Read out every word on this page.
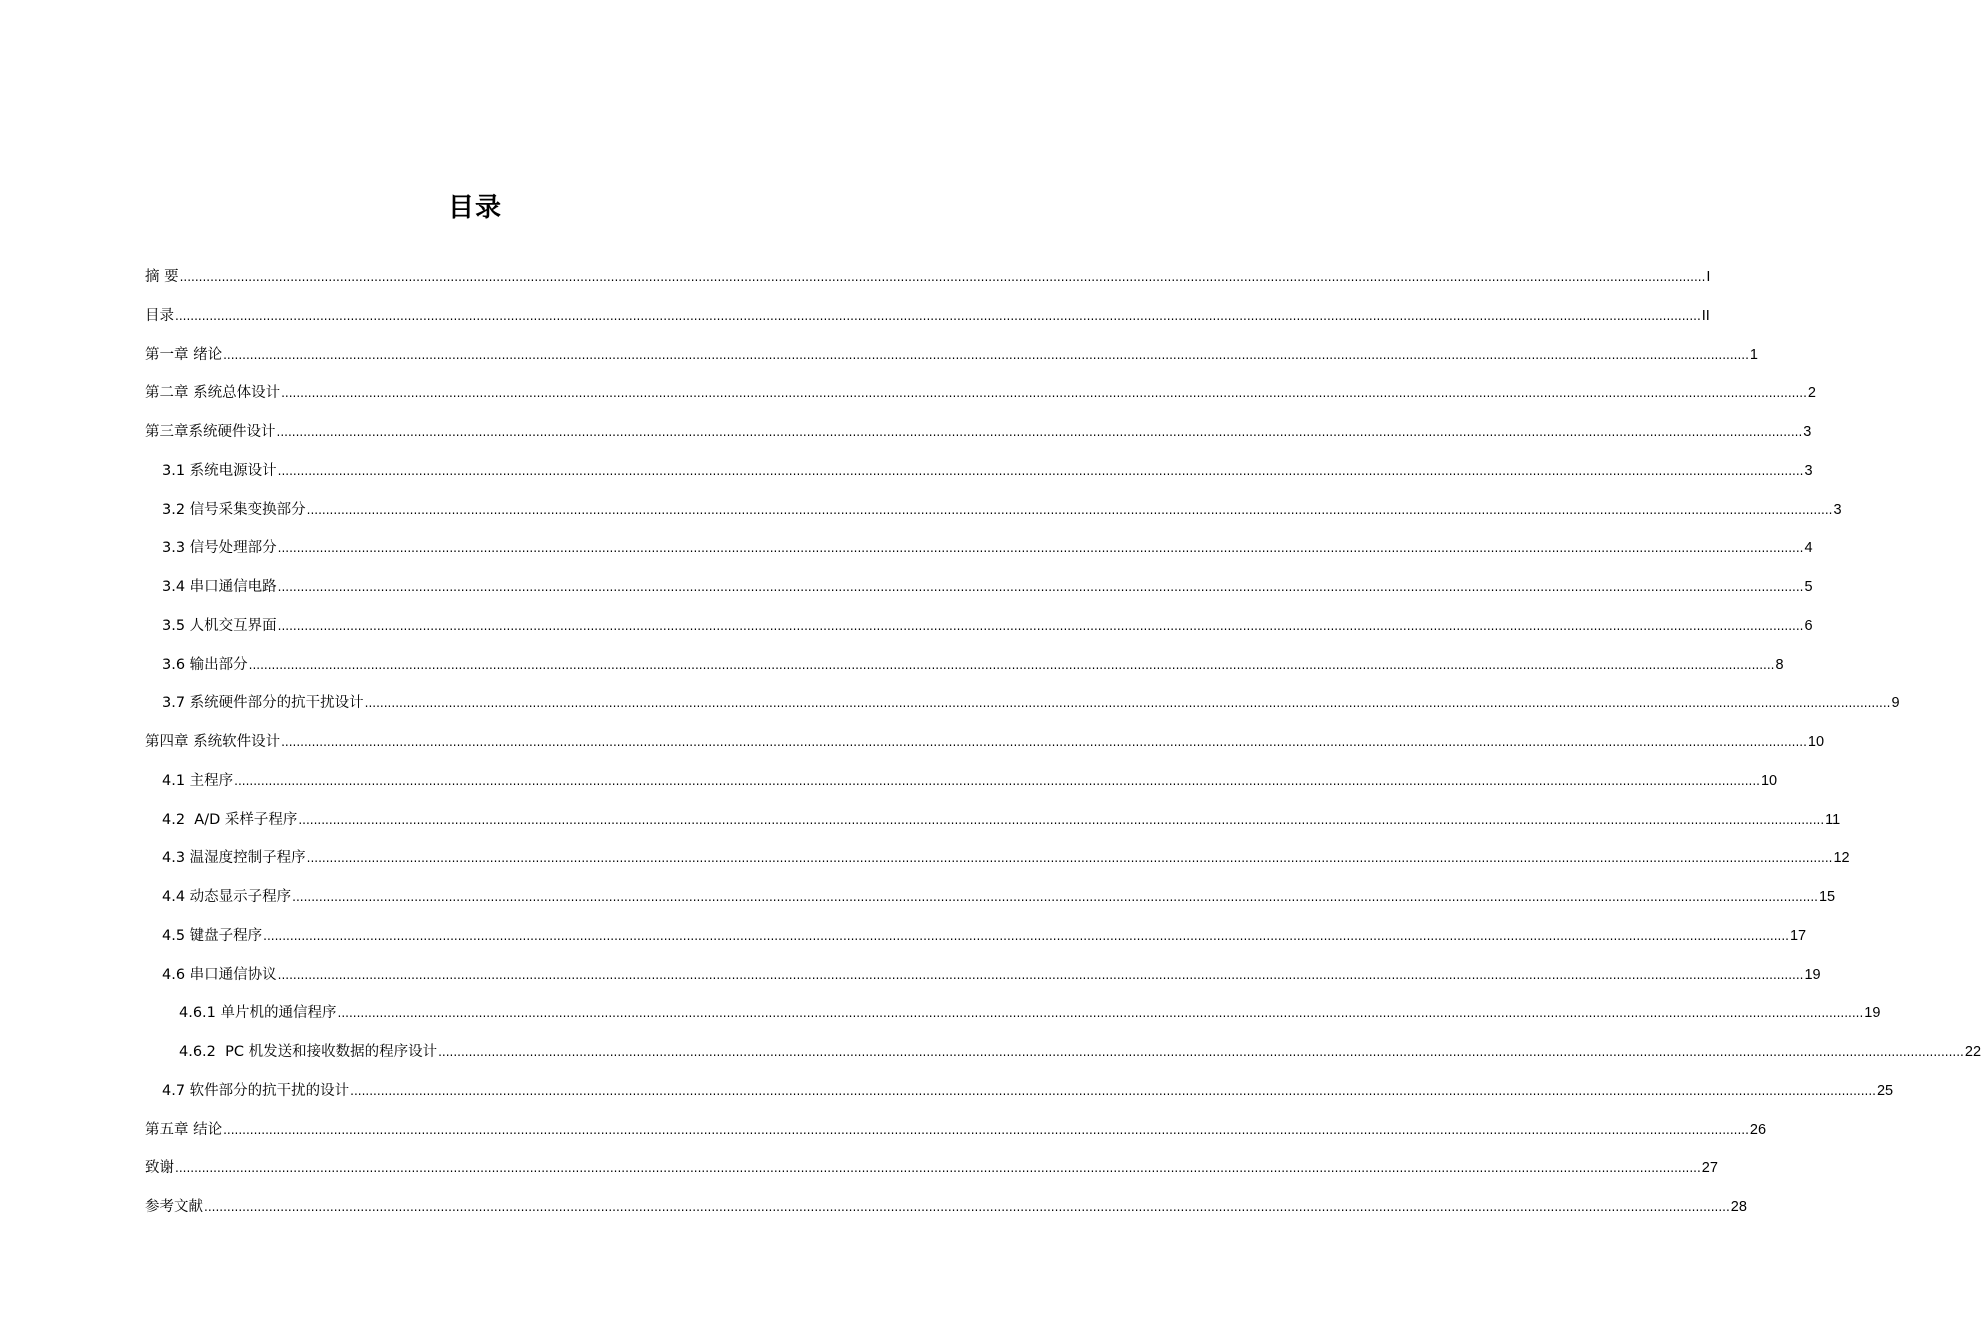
目录
摘 要 ................................................................................................................................................................................................................................................................................................................................................................................................................ I
目录 ................................................................................................................................................................................................................................................................................................................................................................................................................ II
第一章 绪论 ................................................................................................................................................................................................................................................................................................................................................................................................................ 1
第二章 系统总体设计 ................................................................................................................................................................................................................................................................................................................................................................................................................ 2
第三章系统硬件设计 ................................................................................................................................................................................................................................................................................................................................................................................................................ 3
3.1 系统电源设计 ................................................................................................................................................................................................................................................................................................................................................................................................................ 3
3.2 信号采集变换部分 ................................................................................................................................................................................................................................................................................................................................................................................................................ 3
3.3 信号处理部分 ................................................................................................................................................................................................................................................................................................................................................................................................................ 4
3.4 串口通信电路 ................................................................................................................................................................................................................................................................................................................................................................................................................ 5
3.5 人机交互界面 ................................................................................................................................................................................................................................................................................................................................................................................................................ 6
3.6 输出部分 ................................................................................................................................................................................................................................................................................................................................................................................................................ 8
3.7 系统硬件部分的抗干扰设计 ................................................................................................................................................................................................................................................................................................................................................................................................................ 9
第四章 系统软件设计 ................................................................................................................................................................................................................................................................................................................................................................................................................ 10
4.1 主程序 ................................................................................................................................................................................................................................................................................................................................................................................................................ 10
4.2  A/D 采样子程序 ................................................................................................................................................................................................................................................................................................................................................................................................................ 11
4.3 温湿度控制子程序 ................................................................................................................................................................................................................................................................................................................................................................................................................ 12
4.4 动态显示子程序 ................................................................................................................................................................................................................................................................................................................................................................................................................ 15
4.5 键盘子程序 ................................................................................................................................................................................................................................................................................................................................................................................................................ 17
4.6 串口通信协议 ................................................................................................................................................................................................................................................................................................................................................................................................................ 19
4.6.1 单片机的通信程序 ................................................................................................................................................................................................................................................................................................................................................................................................................ 19
4.6.2  PC 机发送和接收数据的程序设计 ................................................................................................................................................................................................................................................................................................................................................................................................................ 22
4.7 软件部分的抗干扰的设计 ................................................................................................................................................................................................................................................................................................................................................................................................................ 25
第五章 结论 ................................................................................................................................................................................................................................................................................................................................................................................................................ 26
致谢 ................................................................................................................................................................................................................................................................................................................................................................................................................ 27
参考文献 ................................................................................................................................................................................................................................................................................................................................................................................................................ 28
